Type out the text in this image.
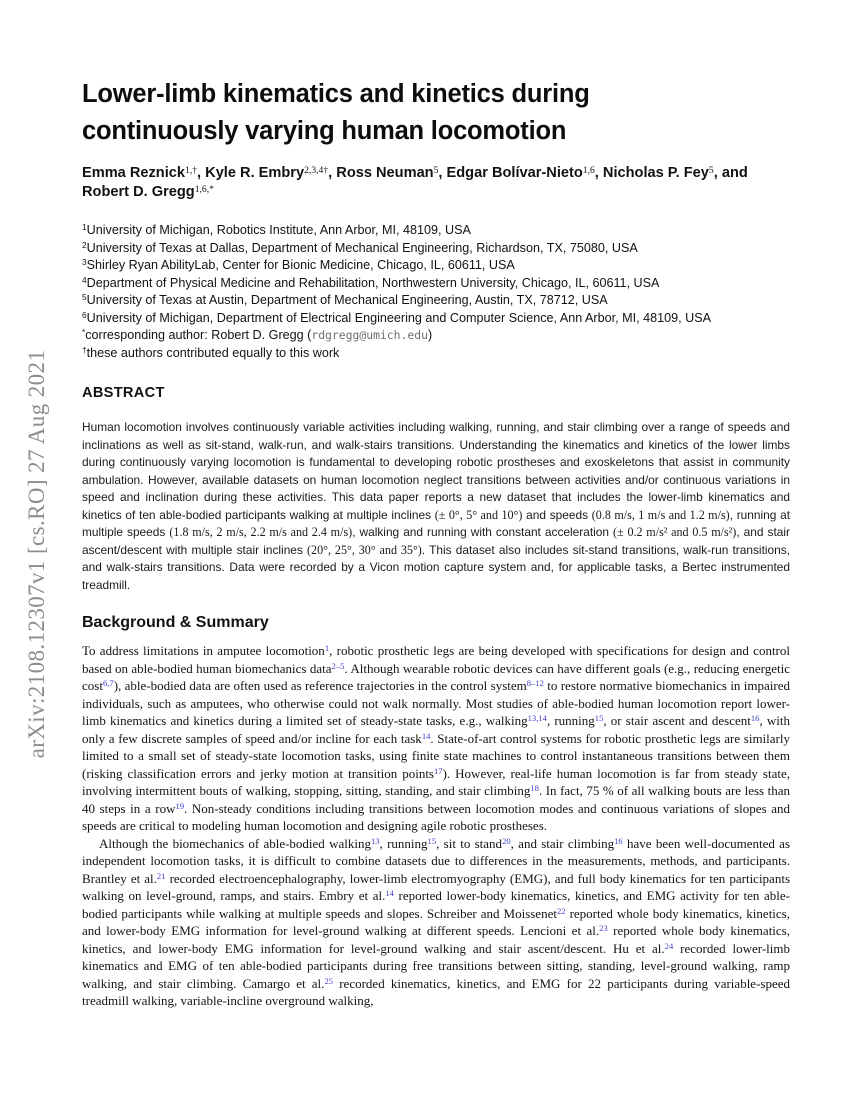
arXiv:2108.12307v1 [cs.RO] 27 Aug 2021
Lower-limb kinematics and kinetics during
continuously varying human locomotion
Emma Reznick$^{1,\dagger}$, Kyle R. Embry$^{2,3,4\dagger}$, Ross Neuman$^5$, Edgar Bolívar-Nieto$^{1,6}$, Nicholas P. Fey$^5$, and Robert D. Gregg$^{1,6,*}$
$^1$University of Michigan, Robotics Institute, Ann Arbor, MI, 48109, USA
$^2$University of Texas at Dallas, Department of Mechanical Engineering, Richardson, TX, 75080, USA
$^3$Shirley Ryan AbilityLab, Center for Bionic Medicine, Chicago, IL, 60611, USA
$^4$Department of Physical Medicine and Rehabilitation, Northwestern University, Chicago, IL, 60611, USA
$^5$University of Texas at Austin, Department of Mechanical Engineering, Austin, TX, 78712, USA
$^6$University of Michigan, Department of Electrical Engineering and Computer Science, Ann Arbor, MI, 48109, USA
*corresponding author: Robert D. Gregg (rdgregg@umich.edu)
†these authors contributed equally to this work
ABSTRACT
Human locomotion involves continuously variable activities including walking, running, and stair climbing over a range of speeds and inclinations as well as sit-stand, walk-run, and walk-stairs transitions. Understanding the kinematics and kinetics of the lower limbs during continuously varying locomotion is fundamental to developing robotic prostheses and exoskeletons that assist in community ambulation. However, available datasets on human locomotion neglect transitions between activities and/or continuous variations in speed and inclination during these activities. This data paper reports a new dataset that includes the lower-limb kinematics and kinetics of ten able-bodied participants walking at multiple inclines (± 0°, 5° and 10°) and speeds (0.8 m/s, 1 m/s and 1.2 m/s), running at multiple speeds (1.8 m/s, 2 m/s, 2.2 m/s and 2.4 m/s), walking and running with constant acceleration (± 0.2 m/s² and 0.5 m/s²), and stair ascent/descent with multiple stair inclines (20°, 25°, 30° and 35°). This dataset also includes sit-stand transitions, walk-run transitions, and walk-stairs transitions. Data were recorded by a Vicon motion capture system and, for applicable tasks, a Bertec instrumented treadmill.
Background & Summary

To address limitations in amputee locomotion$^1$, robotic prosthetic legs are being developed with specifications for design and control based on able-bodied human biomechanics data$^{2-5}$. Although wearable robotic devices can have different goals (e.g., reducing energetic cost$^{6,7}$), able-bodied data are often used as reference trajectories in the control system$^{8-12}$ to restore normative biomechanics in impaired individuals, such as amputees, who otherwise could not walk normally. Most studies of able-bodied human locomotion report lower-limb kinematics and kinetics during a limited set of steady-state tasks, e.g., walking$^{13,14}$, running$^{15}$, or stair ascent and descent$^{16}$, with only a few discrete samples of speed and/or incline for each task$^{14}$. State-of-art control systems for robotic prosthetic legs are similarly limited to a small set of steady-state locomotion tasks, using finite state machines to control instantaneous transitions between them (risking classification errors and jerky motion at transition points$^{17}$). However, real-life human locomotion is far from steady state, involving intermittent bouts of walking, stopping, sitting, standing, and stair climbing$^{18}$. In fact, 75 % of all walking bouts are less than 40 steps in a row$^{19}$. Non-steady conditions including transitions between locomotion modes and continuous variations of slopes and speeds are critical to modeling human locomotion and designing agile robotic prostheses.

Although the biomechanics of able-bodied walking$^{13}$, running$^{15}$, sit to stand$^{20}$, and stair climbing$^{16}$ have been well-documented as independent locomotion tasks, it is difficult to combine datasets due to differences in the measurements, methods, and participants. Brantley et al.$^{21}$ recorded electroencephalography, lower-limb electromyography (EMG), and full body kinematics for ten participants walking on level-ground, ramps, and stairs. Embry et al.$^{14}$ reported lower-body kinematics, kinetics, and EMG activity for ten able-bodied participants while walking at multiple speeds and slopes. Schreiber and Moissenet$^{22}$ reported whole body kinematics, kinetics, and lower-body EMG information for level-ground walking at different speeds. Lencioni et al.$^{23}$ reported whole body kinematics, kinetics, and lower-body EMG information for level-ground walking and stair ascent/descent. Hu et al.$^{24}$ recorded lower-limb kinematics and EMG of ten able-bodied participants during free transitions between sitting, standing, level-ground walking, ramp walking, and stair climbing. Camargo et al.$^{25}$ recorded kinematics, kinetics, and EMG for 22 participants during variable-speed treadmill walking, variable-incline overground walking,
